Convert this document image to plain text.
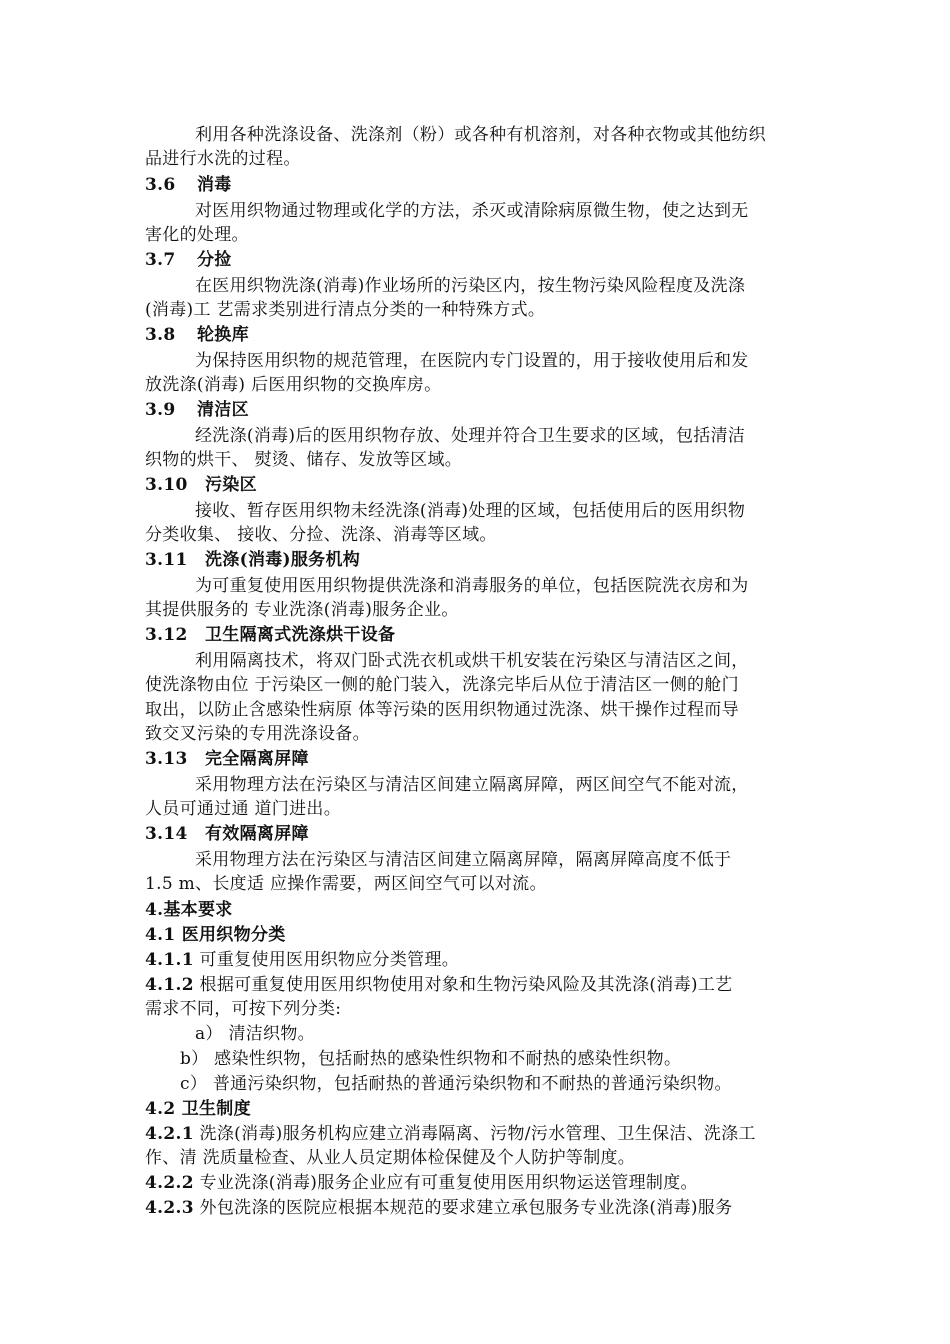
利用各种洗涤设备、洗涤剂（粉）或各种有机溶剂，对各种衣物或其他纺织
品进行水洗的过程。
3.6 消毒
对医用织物通过物理或化学的方法，杀灭或清除病原微生物，使之达到无
害化的处理。
3.7 分捡
在医用织物洗涤(消毒)作业场所的污染区内，按生物污染风险程度及洗涤
(消毒)工 艺需求类别进行清点分类的一种特殊方式。
3.8 轮换库
为保持医用织物的规范管理，在医院内专门设置的，用于接收使用后和发
放洗涤(消毒) 后医用织物的交换库房。
3.9 清洁区
经洗涤(消毒)后的医用织物存放、处理并符合卫生要求的区域，包括清洁
织物的烘干、 熨烫、储存、发放等区域。
3.10 污染区
接收、暂存医用织物未经洗涤(消毒)处理的区域，包括使用后的医用织物
分类收集、 接收、分捡、洗涤、消毒等区域。
3.11 洗涤(消毒)服务机构
为可重复使用医用织物提供洗涤和消毒服务的单位，包括医院洗衣房和为
其提供服务的 专业洗涤(消毒)服务企业。
3.12 卫生隔离式洗涤烘干设备
利用隔离技术，将双门卧式洗衣机或烘干机安装在污染区与清洁区之间，
使洗涤物由位 于污染区一侧的舱门装入，洗涤完毕后从位于清洁区一侧的舱门
取出，以防止含感染性病原 体等污染的医用织物通过洗涤、烘干操作过程而导
致交叉污染的专用洗涤设备。
3.13 完全隔离屏障
采用物理方法在污染区与清洁区间建立隔离屏障，两区间空气不能对流，
人员可通过通 道门进出。
3.14 有效隔离屏障
采用物理方法在污染区与清洁区间建立隔离屏障，隔离屏障高度不低于
1.5 m、长度适 应操作需要，两区间空气可以对流。
4.基本要求
4.1 医用织物分类
4.1.1 可重复使用医用织物应分类管理。
4.1.2 根据可重复使用医用织物使用对象和生物污染风险及其洗涤(消毒)工艺
需求不同，可按下列分类:
a） 清洁织物。
b） 感染性织物，包括耐热的感染性织物和不耐热的感染性织物。
c） 普通污染织物，包括耐热的普通污染织物和不耐热的普通污染织物。
4.2 卫生制度
4.2.1 洗涤(消毒)服务机构应建立消毒隔离、污物/污水管理、卫生保洁、洗涤工
作、清 洗质量检查、从业人员定期体检保健及个人防护等制度。
4.2.2 专业洗涤(消毒)服务企业应有可重复使用医用织物运送管理制度。
4.2.3 外包洗涤的医院应根据本规范的要求建立承包服务专业洗涤(消毒)服务
